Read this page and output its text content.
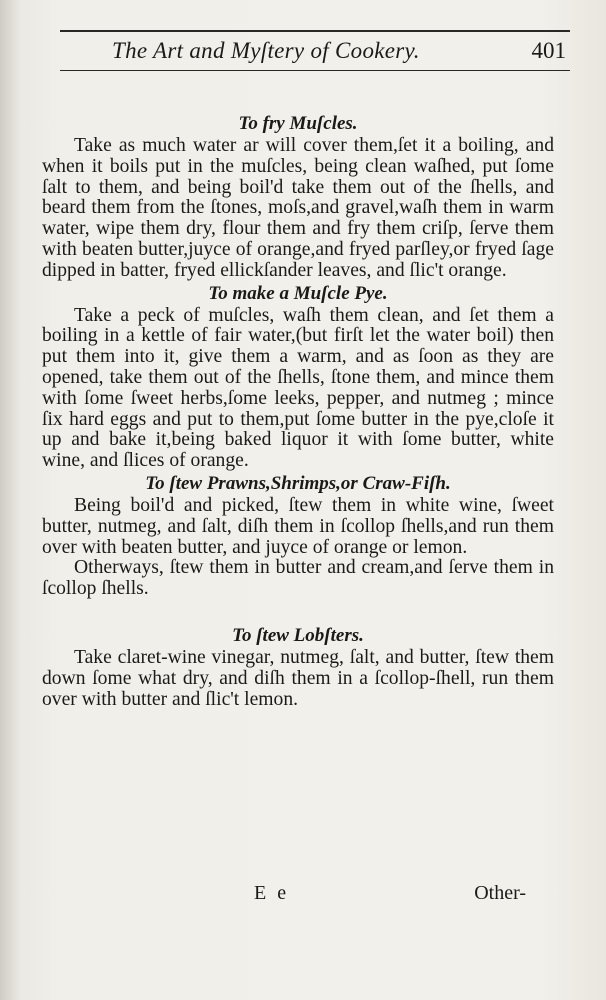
The Art and Myſtery of Cookery.	401
To fry Muſcles.

Take as much water ar will cover them,ſet it a boiling, and when it boils put in the muſcles, being clean waſhed, put ſome ſalt to them, and being boil'd take them out of the ſhells, and beard them from the ſtones, moſs,and gravel,waſh them in warm water, wipe them dry, flour them and fry them criſp, ſerve them with beaten butter,juyce of orange,and fryed parſley,or fryed ſage dipped in batter, fryed ellickſander leaves, and ſlic't orange.

To make a Muſcle Pye.

Take a peck of muſcles, waſh them clean, and ſet them a boiling in a kettle of fair water,(but firſt let the water boil) then put them into it, give them a warm, and as ſoon as they are opened, take them out of the ſhells, ſtone them, and mince them with ſome ſweet herbs,ſome leeks, pepper, and nutmeg ; mince ſix hard eggs and put to them,put ſome butter in the pye,cloſe it up and bake it,being baked liquor it with ſome butter, white wine, and ſlices of orange.

To ſtew Prawns,Shrimps,or Craw-Fiſh.

Being boil'd and picked, ſtew them in white wine, ſweet butter, nutmeg, and ſalt, diſh them in ſcollop ſhells,and run them over with beaten butter, and juyce of orange or lemon.

Otherways, ſtew them in butter and cream,and ſerve them in ſcollop ſhells.

To ſtew Lobſters.

Take claret-wine vinegar, nutmeg, ſalt, and butter, ſtew them down ſome what dry, and diſh them in a ſcollop-ſhell, run them over with butter and ſlic't lemon.

E e	Other-
